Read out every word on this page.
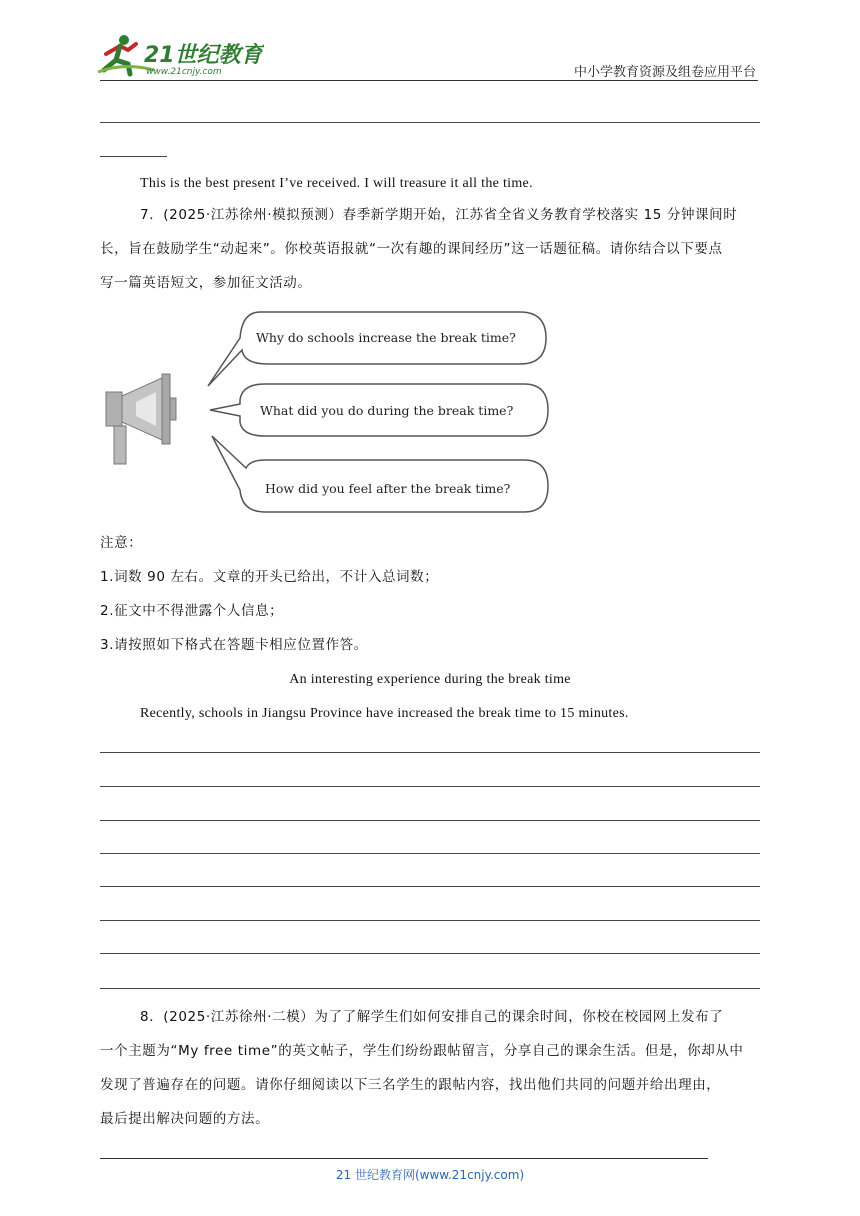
21世纪教育
www.21cnjy.com	中小学教育资源及组卷应用平台
This is the best present I’ve received. I will treasure it all the time.
7．(2025·江苏徐州·模拟预测）春季新学期开始，江苏省全省义务教育学校落实 15 分钟课间时
长，旨在鼓励学生“动起来”。你校英语报就“一次有趣的课间经历”这一话题征稿。请你结合以下要点
写一篇英语短文，参加征文活动。
Why do schools increase the break time?
What did you do during the break time?
How did you feel after the break time?
注意：
1.词数 90 左右。文章的开头已给出，不计入总词数；
2.征文中不得泄露个人信息；
3.请按照如下格式在答题卡相应位置作答。
An interesting experience during the break time
Recently, schools in Jiangsu Province have increased the break time to 15 minutes.
8．(2025·江苏徐州·二模）为了了解学生们如何安排自己的课余时间，你校在校园网上发布了
一个主题为“My free time”的英文帖子，学生们纷纷跟帖留言，分享自己的课余生活。但是，你却从中
发现了普遍存在的问题。请你仔细阅读以下三名学生的跟帖内容，找出他们共同的问题并给出理由，
最后提出解决问题的方法。
21 世纪教育网(www.21cnjy.com)
